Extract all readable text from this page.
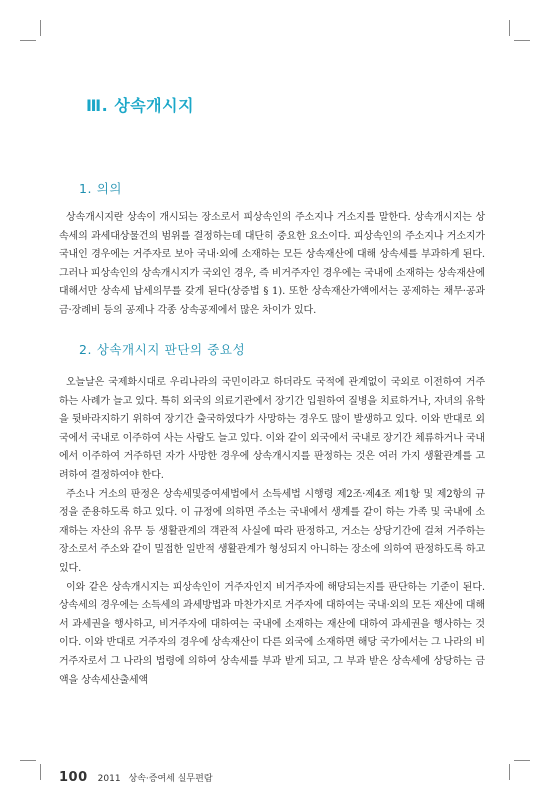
Ⅲ. 상속개시지
1. 의의

상속개시지란 상속이 개시되는 장소로서 피상속인의 주소지나 거소지를 말한다. 상속개시지는 상속세의 과세대상물건의 범위를 결정하는데 대단히 중요한 요소이다. 피상속인의 주소지나 거소지가 국내인 경우에는 거주자로 보아 국내·외에 소재하는 모든 상속재산에 대해 상속세를 부과하게 된다. 그러나 피상속인의 상속개시지가 국외인 경우, 즉 비거주자인 경우에는 국내에 소재하는 상속재산에 대해서만 상속세 납세의무를 갖게 된다(상증법 § 1). 또한 상속재산가액에서는 공제하는 채무·공과금·장례비 등의 공제나 각종 상속공제에서 많은 차이가 있다.

2. 상속개시지 판단의 중요성

오늘날은 국제화시대로 우리나라의 국민이라고 하더라도 국적에 관계없이 국외로 이전하여 거주하는 사례가 늘고 있다. 특히 외국의 의료기관에서 장기간 입원하여 질병을 치료하거나, 자녀의 유학을 뒷바라지하기 위하여 장기간 출국하였다가 사망하는 경우도 많이 발생하고 있다. 이와 반대로 외국에서 국내로 이주하여 사는 사람도 늘고 있다. 이와 같이 외국에서 국내로 장기간 체류하거나 국내에서 이주하여 거주하던 자가 사망한 경우에 상속개시지를 판정하는 것은 여러 가지 생활관계를 고려하여 결정하여야 한다.

주소나 거소의 판정은 상속세및증여세법에서 소득세법 시행령 제2조·제4조 제1항 및 제2항의 규정을 준용하도록 하고 있다. 이 규정에 의하면 주소는 국내에서 생계를 같이 하는 가족 및 국내에 소재하는 자산의 유무 등 생활관계의 객관적 사실에 따라 판정하고, 거소는 상당기간에 걸쳐 거주하는 장소로서 주소와 같이 밀접한 일반적 생활관계가 형성되지 아니하는 장소에 의하여 판정하도록 하고 있다.

이와 같은 상속개시지는 피상속인이 거주자인지 비거주자에 해당되는지를 판단하는 기준이 된다. 상속세의 경우에는 소득세의 과세방법과 마찬가지로 거주자에 대하여는 국내·외의 모든 재산에 대해서 과세권을 행사하고, 비거주자에 대하여는 국내에 소재하는 재산에 대하여 과세권을 행사하는 것이다. 이와 반대로 거주자의 경우에 상속재산이 다른 외국에 소재하면 해당 국가에서는 그 나라의 비거주자로서 그 나라의 법령에 의하여 상속세를 부과 받게 되고, 그 부과 받은 상속세에 상당하는 금액을 상속세산출세액

100 2011 상속·증여세 실무편람
